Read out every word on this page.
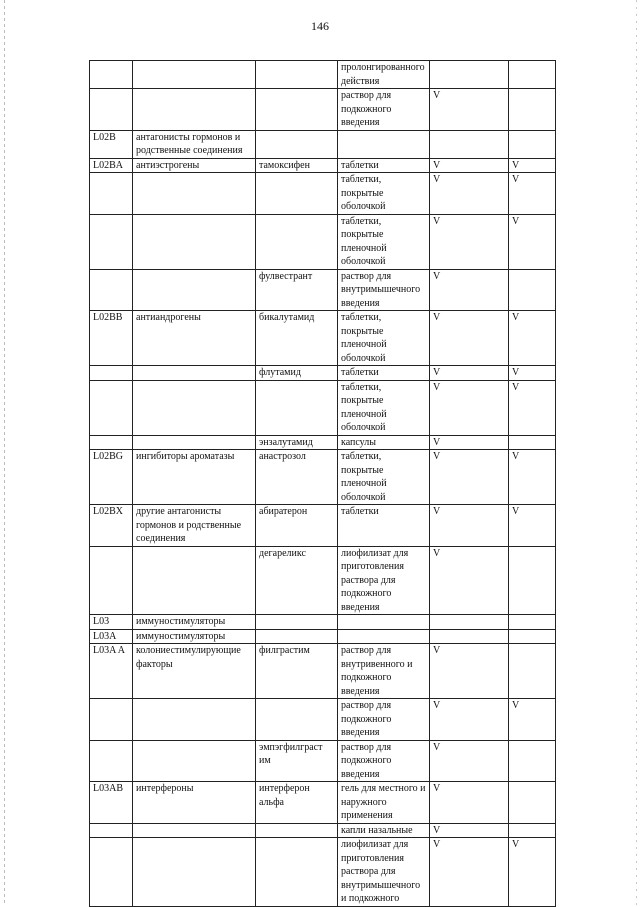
146
			пролонгированного действия		
			раствор для подкожного введения	V	
L02B	антагонисты гормонов и родственные соединения				
L02BA	антиэстрогены	тамоксифен	таблетки	V	V
			таблетки, покрытые оболочкой	V	V
			таблетки, покрытые пленочной оболочкой	V	V
		фулвестрант	раствор для внутримышечного введения	V	
L02BB	антиандрогены	бикалутамид	таблетки, покрытые пленочной оболочкой	V	V
		флутамид	таблетки	V	V
			таблетки, покрытые пленочной оболочкой	V	V
		энзалутамид	капсулы	V	
L02BG	ингибиторы ароматазы	анастрозол	таблетки, покрытые пленочной оболочкой	V	V
L02BX	другие антагонисты гормонов и родственные соединения	абиратерон	таблетки	V	V
		дегареликс	лиофилизат для приготовления раствора для подкожного введения	V	
L03	иммуностимуляторы				
L03A	иммуностимуляторы				
L03A A	колониестимулирующие факторы	филграстим	раствор для внутривенного и подкожного введения	V	
			раствор для подкожного введения	V	V
		эмпэгфилграст им	раствор для подкожного введения	V	
L03AB	интерфероны	интерферон альфа	гель для местного и наружного применения	V	
			капли назальные	V	
			лиофилизат для приготовления раствора для внутримышечного и подкожного	V	V
